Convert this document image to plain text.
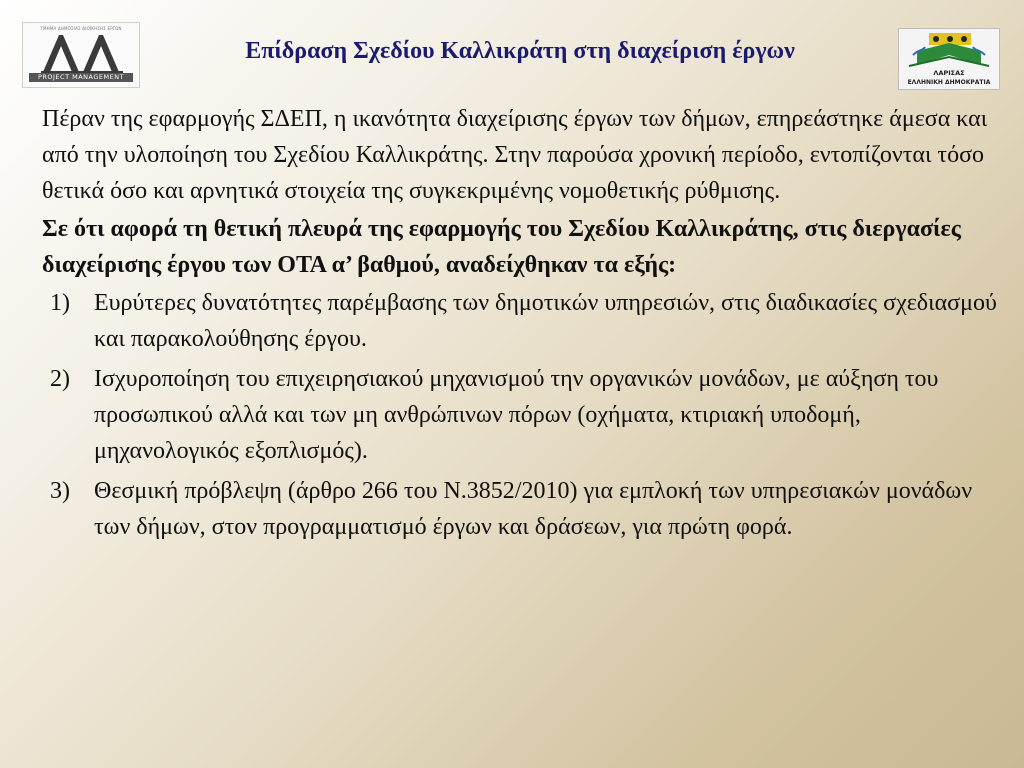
ΤΜΗΜΑ ΔΗΜΟΣΙΑΣ ΔΙΟΙΚΗΣΗΣ ΕΡΓΩΝ
PROJECT MANAGEMENT
Επίδραση Σχεδίου Καλλικράτη στη διαχείριση έργων
ΛΑΡΙΣΑΣ
ΕΛΛΗΝΙΚΗ ΔΗΜΟΚΡΑΤΙΑ

Πέραν της εφαρμογής ΣΔΕΠ, η ικανότητα διαχείρισης έργων των δήμων, επηρεάστηκε άμεσα και από την υλοποίηση του Σχεδίου Καλλικράτης. Στην παρούσα χρονική περίοδο, εντοπίζονται τόσο θετικά όσο και αρνητικά στοιχεία της συγκεκριμένης νομοθετικής ρύθμισης.

Σε ότι αφορά τη θετική πλευρά της εφαρμογής του Σχεδίου Καλλικράτης, στις διεργασίες διαχείρισης έργου των ΟΤΑ α’ βαθμού, αναδείχθηκαν τα εξής:

1) Ευρύτερες δυνατότητες παρέμβασης των δημοτικών υπηρεσιών, στις διαδικασίες σχεδιασμού και παρακολούθησης έργου.
2) Ισχυροποίηση του επιχειρησιακού μηχανισμού την οργανικών μονάδων, με αύξηση του προσωπικού αλλά και των μη ανθρώπινων πόρων (οχήματα, κτιριακή υποδομή, μηχανολογικός εξοπλισμός).
3) Θεσμική πρόβλεψη (άρθρο 266 του Ν.3852/2010) για εμπλοκή των υπηρεσιακών μονάδων των δήμων, στον προγραμματισμό έργων και δράσεων, για πρώτη φορά.
